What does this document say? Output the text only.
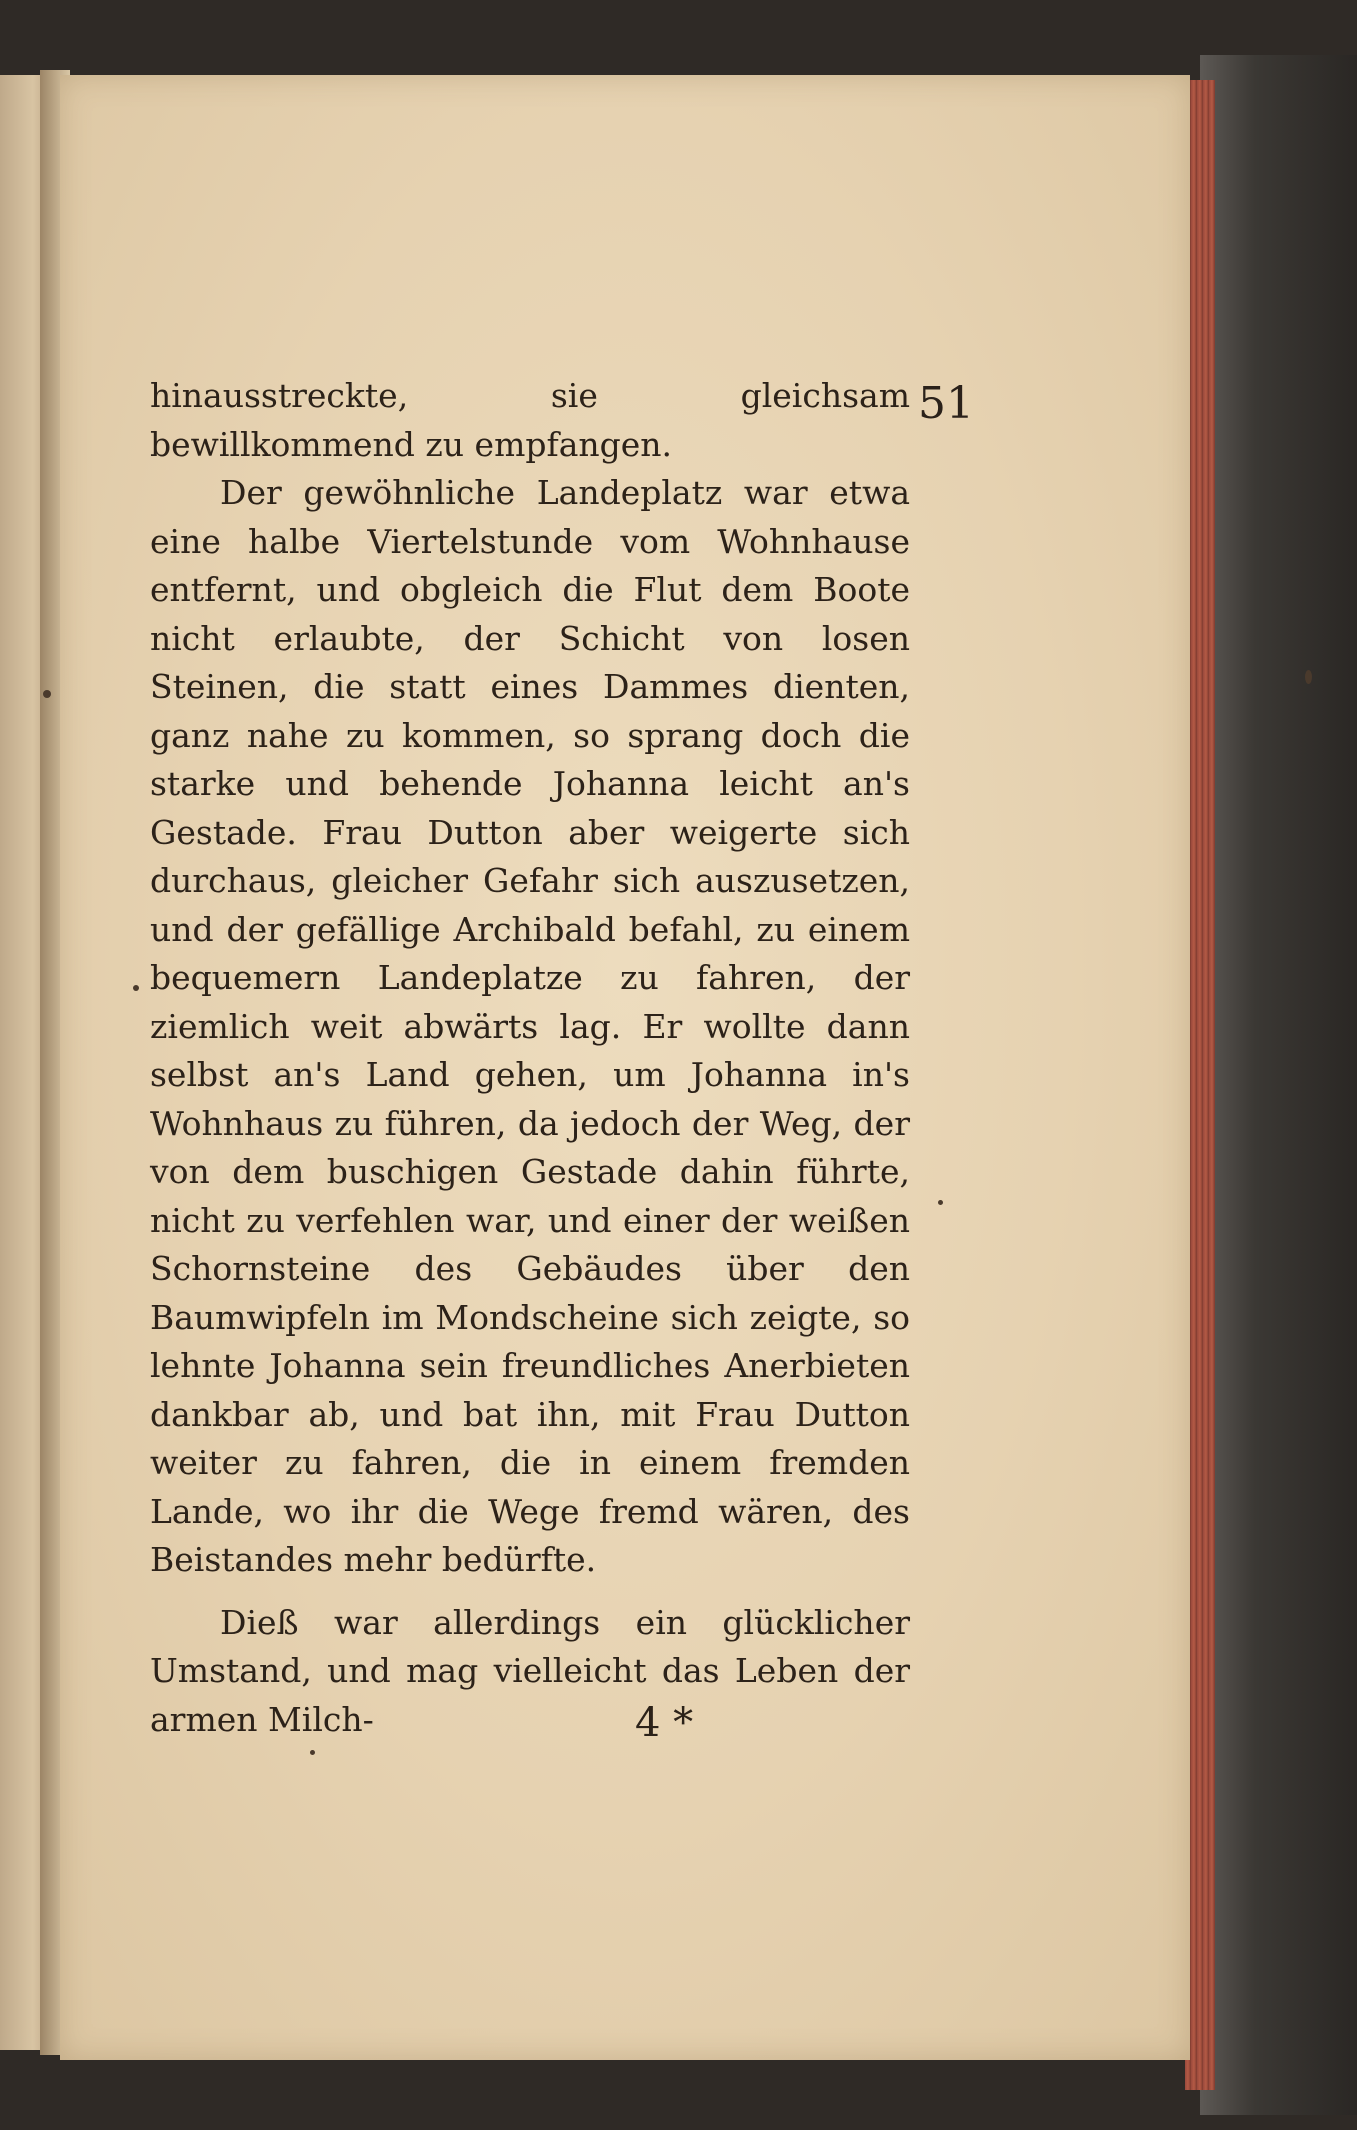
51

hinausstreckte, sie gleichsam bewillkommend zu empfangen.

Der gewöhnliche Landeplatz war etwa eine halbe Viertelstunde vom Wohnhause entfernt, und obgleich die Flut dem Boote nicht erlaubte, der Schicht von losen Steinen, die statt eines Dammes dienten, ganz nahe zu kommen, so sprang doch die starke und behende Johanna leicht an's Gestade. Frau Dutton aber weigerte sich durchaus, gleicher Gefahr sich auszusetzen, und der gefällige Archibald befahl, zu einem bequemern Landeplatze zu fahren, der ziemlich weit abwärts lag. Er wollte dann selbst an's Land gehen, um Johanna in's Wohnhaus zu führen, da jedoch der Weg, der von dem buschigen Gestade dahin führte, nicht zu verfehlen war, und einer der weißen Schornsteine des Gebäudes über den Baumwipfeln im Mondscheine sich zeigte, so lehnte Johanna sein freundliches Anerbieten dankbar ab, und bat ihn, mit Frau Dutton weiter zu fahren, die in einem fremden Lande, wo ihr die Wege fremd wären, des Beistandes mehr bedürfte.

Dieß war allerdings ein glücklicher Umstand, und mag vielleicht das Leben der armen Milch-	4 *
